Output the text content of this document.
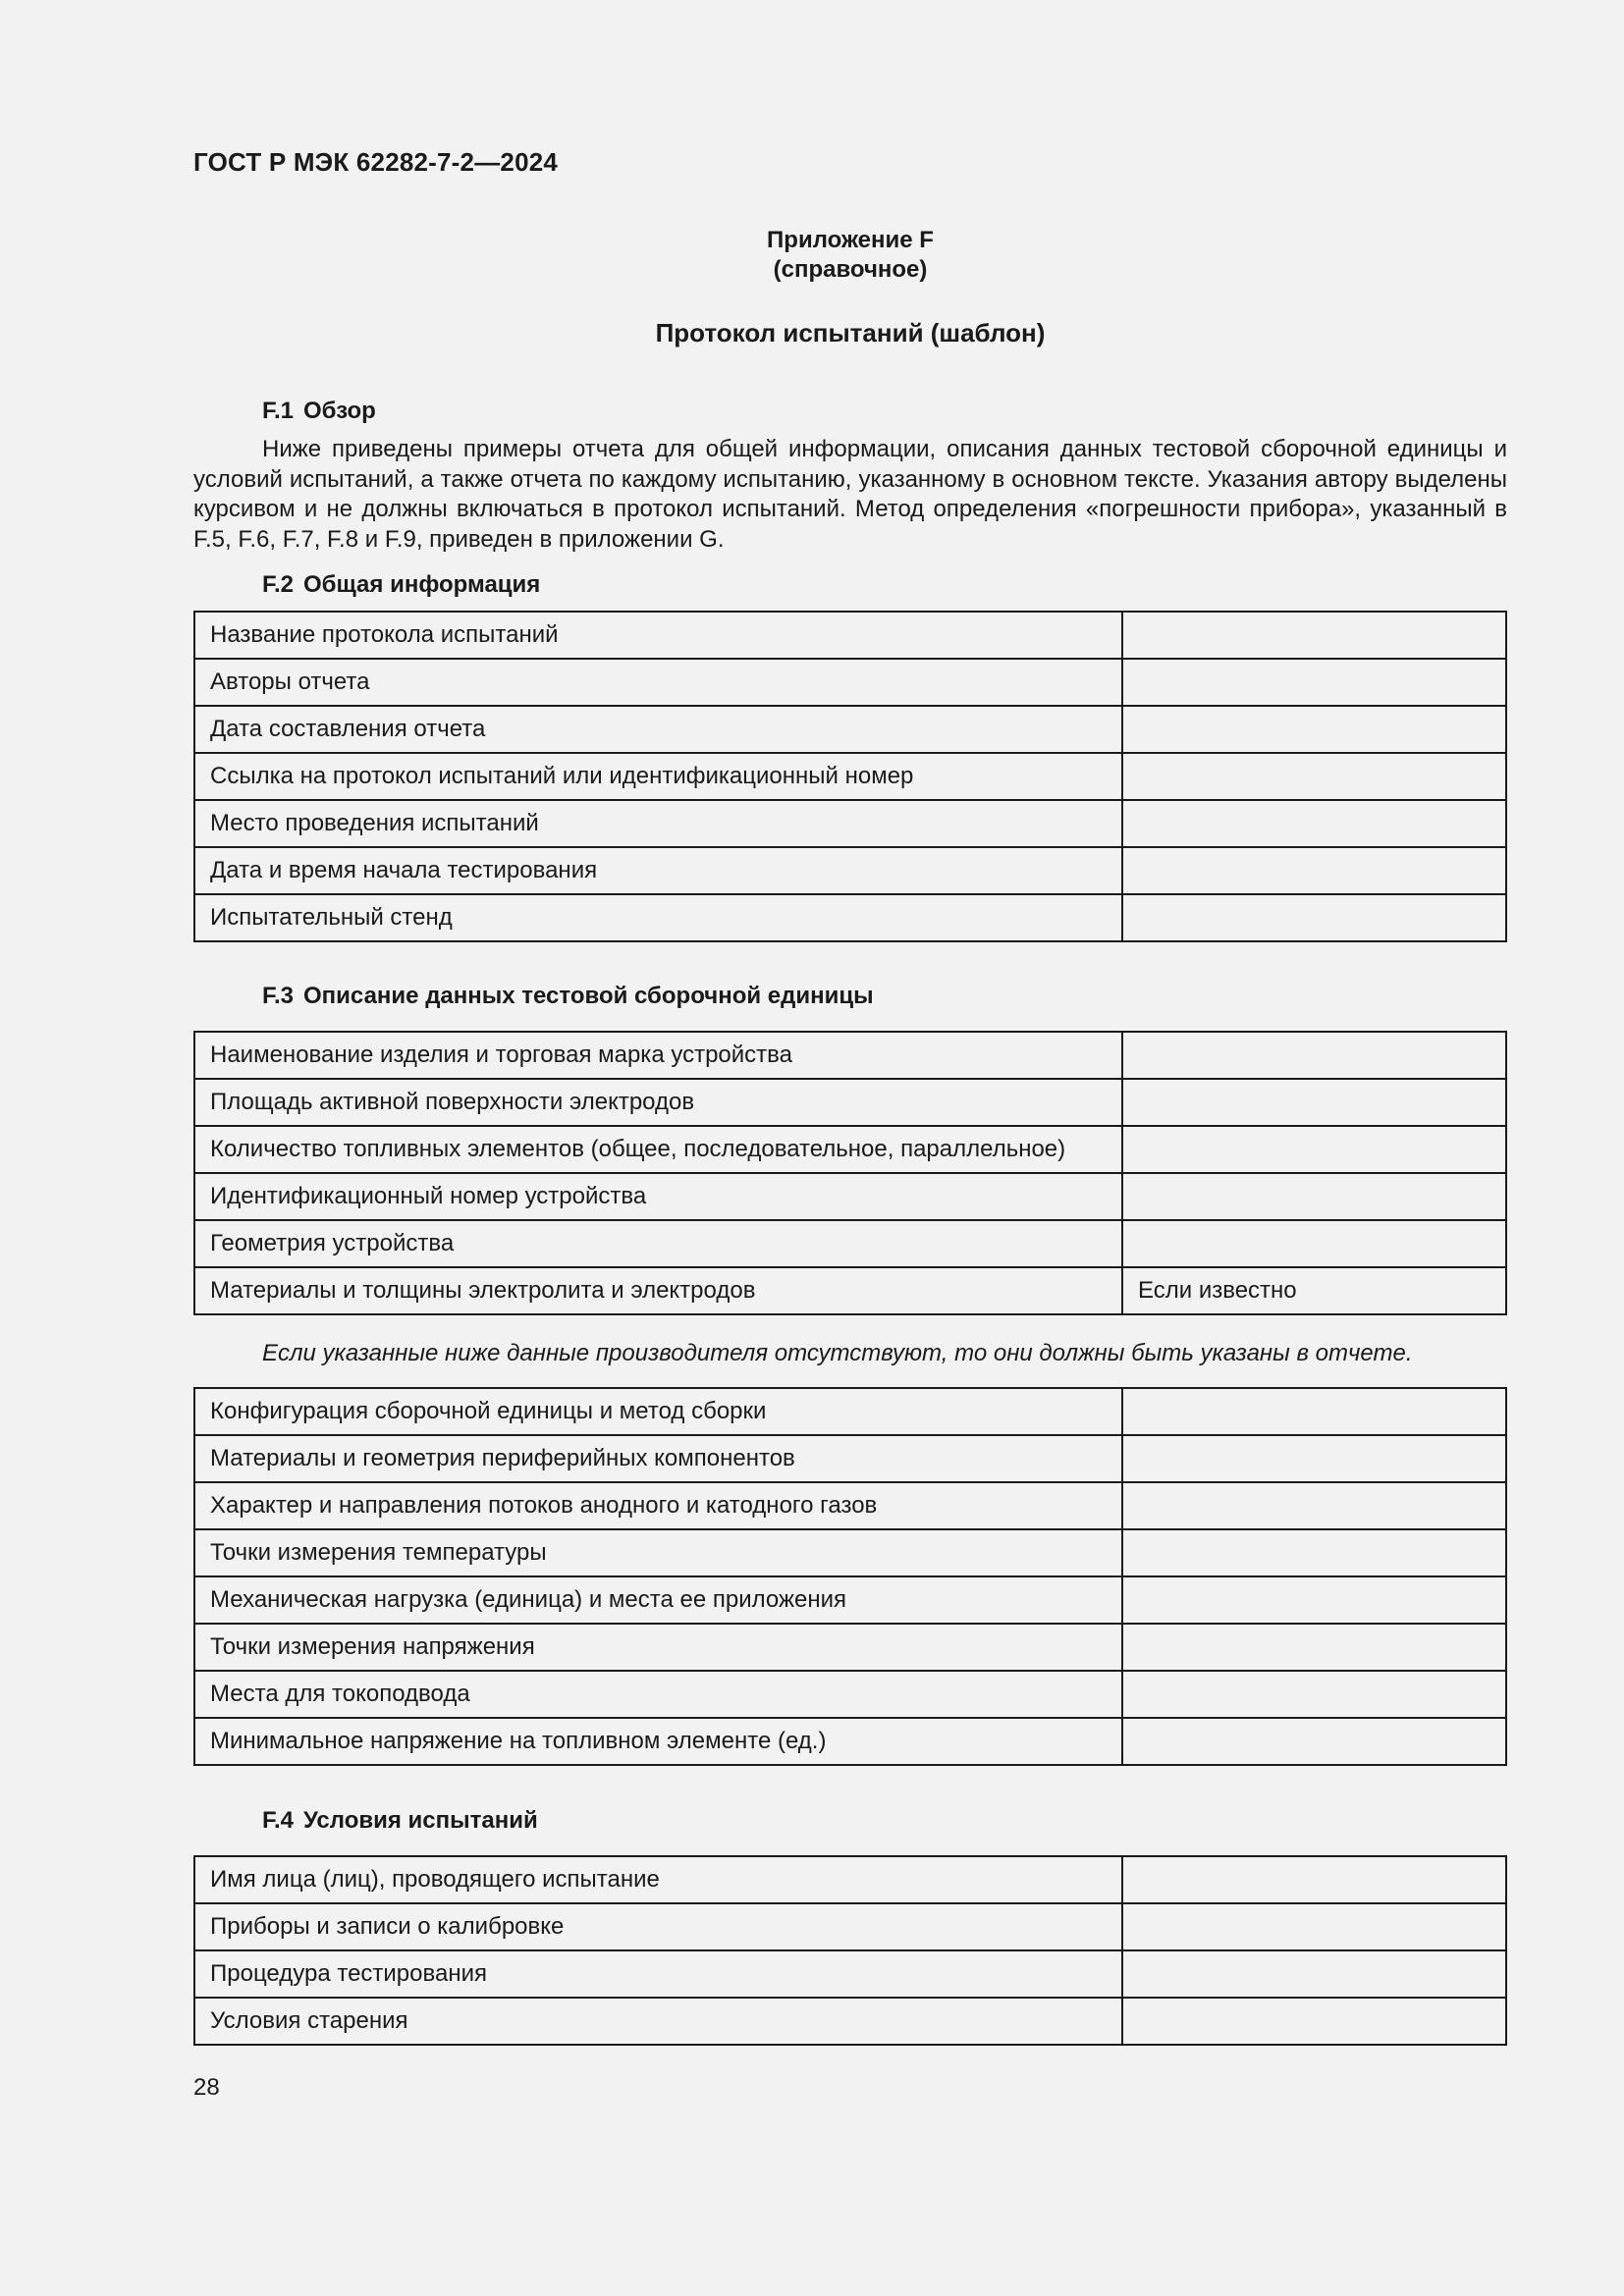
ГОСТ Р МЭК 62282-7-2—2024
Приложение F
(справочное)
Протокол испытаний (шаблон)
F.1 Обзор
Ниже приведены примеры отчета для общей информации, описания данных тестовой сборочной единицы и условий испытаний, а также отчета по каждому испытанию, указанному в основном тексте. Указания автору выделены курсивом и не должны включаться в протокол испытаний. Метод определения «погрешности прибора», указанный в F.5, F.6, F.7, F.8 и F.9, приведен в приложении G.
F.2 Общая информация
Название протокола испытаний	
Авторы отчета	
Дата составления отчета	
Ссылка на протокол испытаний или идентификационный номер	
Место проведения испытаний	
Дата и время начала тестирования	
Испытательный стенд	
F.3 Описание данных тестовой сборочной единицы
Наименование изделия и торговая марка устройства	
Площадь активной поверхности электродов	
Количество топливных элементов (общее, последовательное, параллельное)	
Идентификационный номер устройства	
Геометрия устройства	
Материалы и толщины электролита и электродов	Если известно
Если указанные ниже данные производителя отсутствуют, то они должны быть указаны в отчете.
Конфигурация сборочной единицы и метод сборки	
Материалы и геометрия периферийных компонентов	
Характер и направления потоков анодного и катодного газов	
Точки измерения температуры	
Механическая нагрузка (единица) и места ее приложения	
Точки измерения напряжения	
Места для токоподвода	
Минимальное напряжение на топливном элементе (ед.)	
F.4 Условия испытаний
Имя лица (лиц), проводящего испытание	
Приборы и записи о калибровке	
Процедура тестирования	
Условия старения	
28
